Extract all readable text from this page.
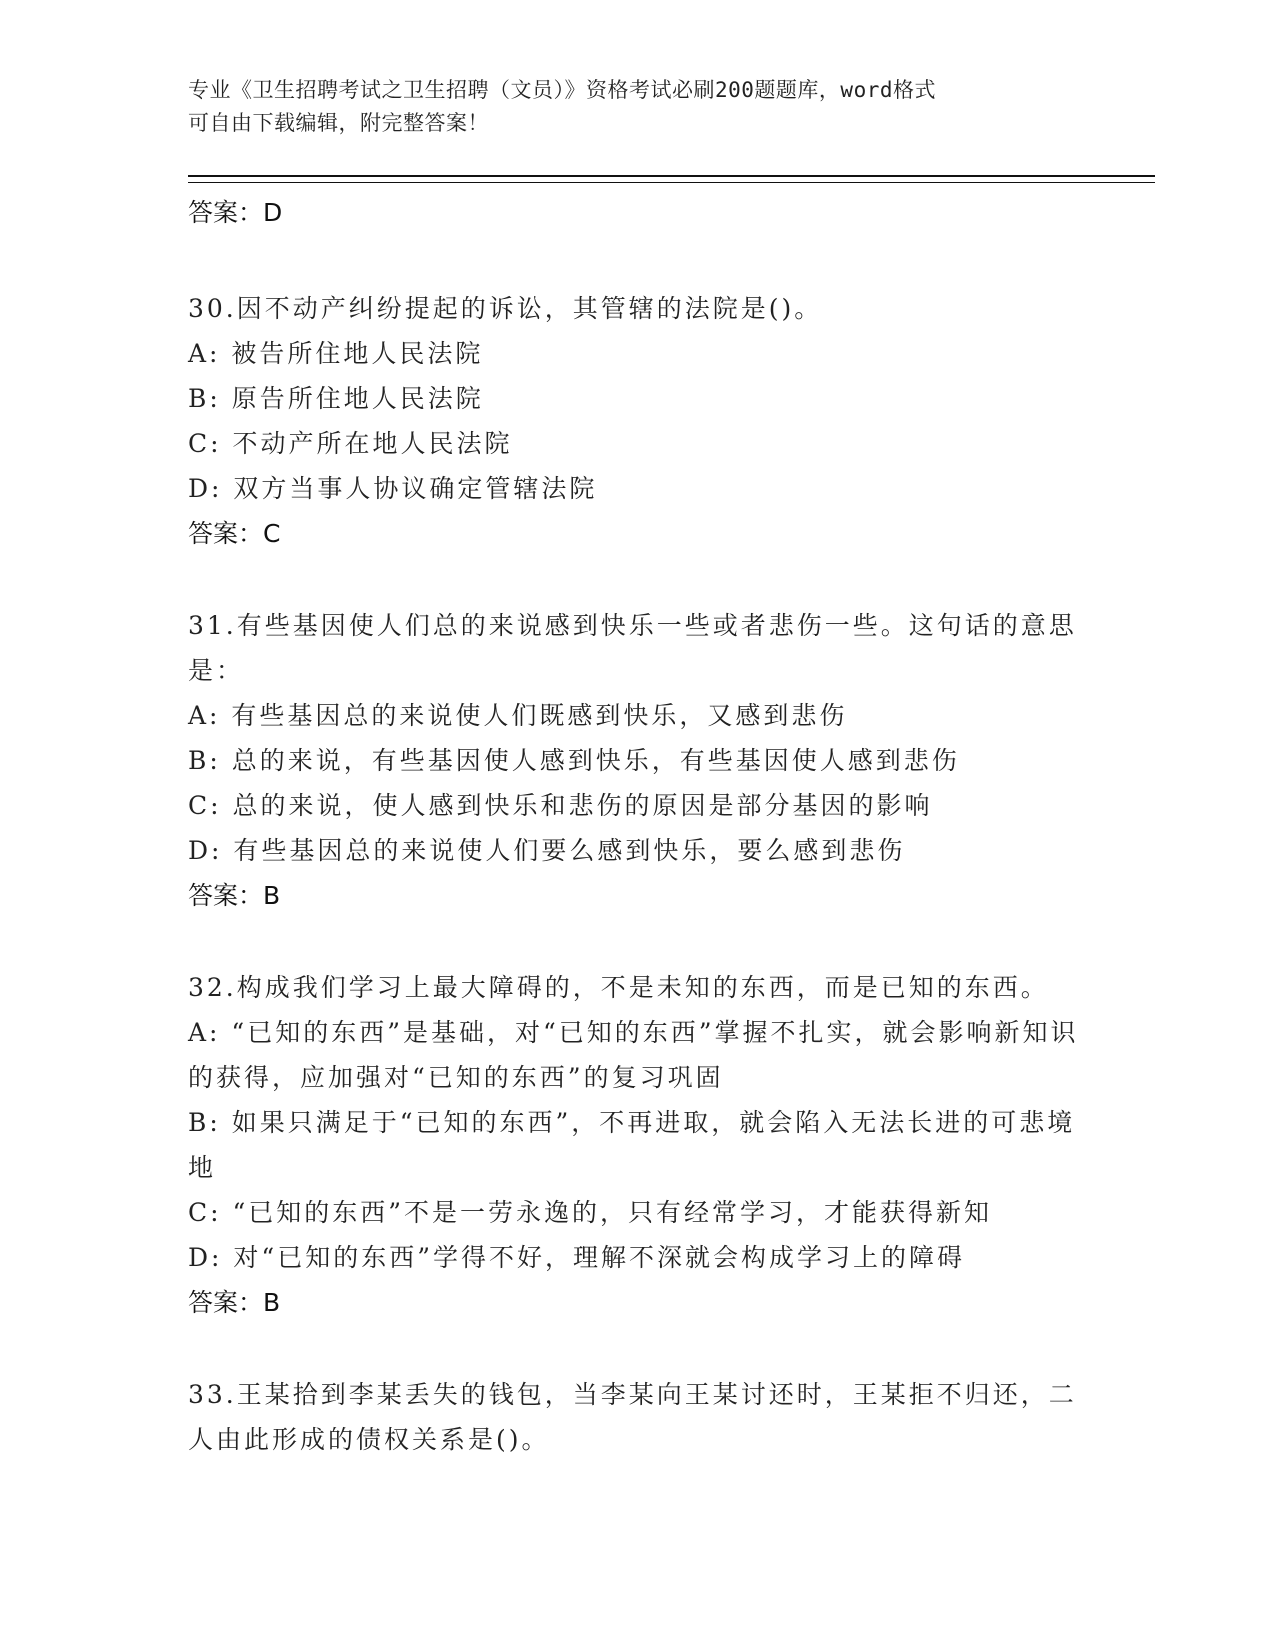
专业《卫生招聘考试之卫生招聘（文员）》资格考试必刷200题题库，word格式
可自由下载编辑，附完整答案！
答案：D
30.因不动产纠纷提起的诉讼，其管辖的法院是()。
A: 被告所住地人民法院
B: 原告所住地人民法院
C: 不动产所在地人民法院
D: 双方当事人协议确定管辖法院
答案：C
31.有些基因使人们总的来说感到快乐一些或者悲伤一些。这句话的意思是：
A: 有些基因总的来说使人们既感到快乐，又感到悲伤
B: 总的来说，有些基因使人感到快乐，有些基因使人感到悲伤
C: 总的来说，使人感到快乐和悲伤的原因是部分基因的影响
D: 有些基因总的来说使人们要么感到快乐，要么感到悲伤
答案：B
32.构成我们学习上最大障碍的，不是未知的东西，而是已知的东西。
A: “已知的东西”是基础，对“已知的东西”掌握不扎实，就会影响新知识的获得，应加强对“已知的东西”的复习巩固
B: 如果只满足于“已知的东西”，不再进取，就会陷入无法长进的可悲境地
C: “已知的东西”不是一劳永逸的，只有经常学习，才能获得新知
D: 对“已知的东西”学得不好，理解不深就会构成学习上的障碍
答案：B
33.王某拾到李某丢失的钱包，当李某向王某讨还时，王某拒不归还，二人由此形成的债权关系是()。
